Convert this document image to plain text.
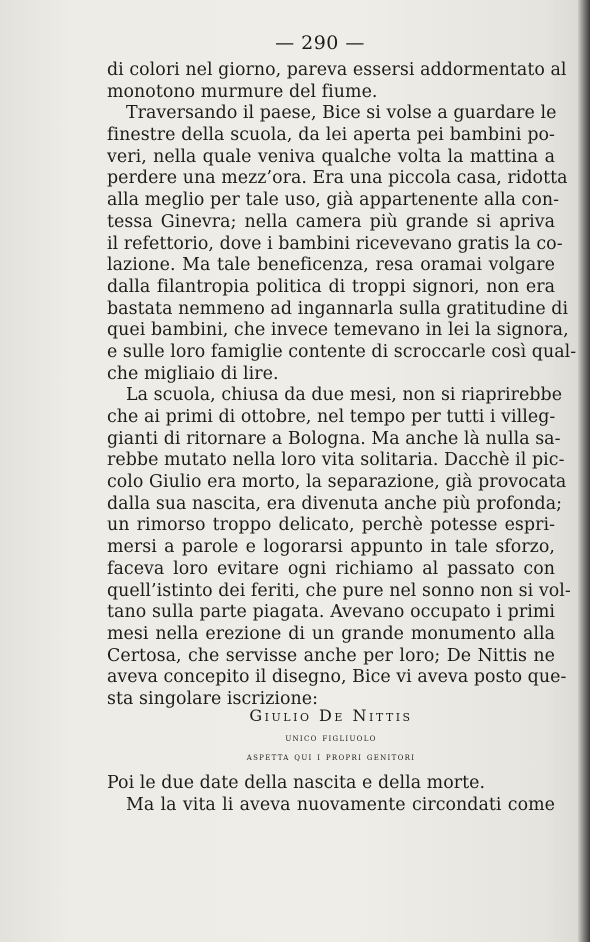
— 290 —
di colori nel giorno, pareva essersi addormentato al
monotono murmure del fiume.
Traversando il paese, Bice si volse a guardare le
finestre della scuola, da lei aperta pei bambini po-
veri, nella quale veniva qualche volta la mattina a
perdere una mezz’ora. Era una piccola casa, ridotta
alla meglio per tale uso, già appartenente alla con-
tessa Ginevra; nella camera più grande si apriva
il refettorio, dove i bambini ricevevano gratis la co-
lazione. Ma tale beneficenza, resa oramai volgare
dalla filantropia politica di troppi signori, non era
bastata nemmeno ad ingannarla sulla gratitudine di
quei bambini, che invece temevano in lei la signora,
e sulle loro famiglie contente di scroccarle così qual-
che migliaio di lire.
La scuola, chiusa da due mesi, non si riaprirebbe
che ai primi di ottobre, nel tempo per tutti i villeg-
gianti di ritornare a Bologna. Ma anche là nulla sa-
rebbe mutato nella loro vita solitaria. Dacchè il pic-
colo Giulio era morto, la separazione, già provocata
dalla sua nascita, era divenuta anche più profonda;
un rimorso troppo delicato, perchè potesse espri-
mersi a parole e logorarsi appunto in tale sforzo,
faceva loro evitare ogni richiamo al passato con
quell’istinto dei feriti, che pure nel sonno non si vol-
tano sulla parte piagata. Avevano occupato i primi
mesi nella erezione di un grande monumento alla
Certosa, che servisse anche per loro; De Nittis ne
aveva concepito il disegno, Bice vi aveva posto que-
sta singolare iscrizione:
Giulio De Nittis
unico figliuolo
aspetta qui i propri genitori
Poi le due date della nascita e della morte.
Ma la vita li aveva nuovamente circondati come
